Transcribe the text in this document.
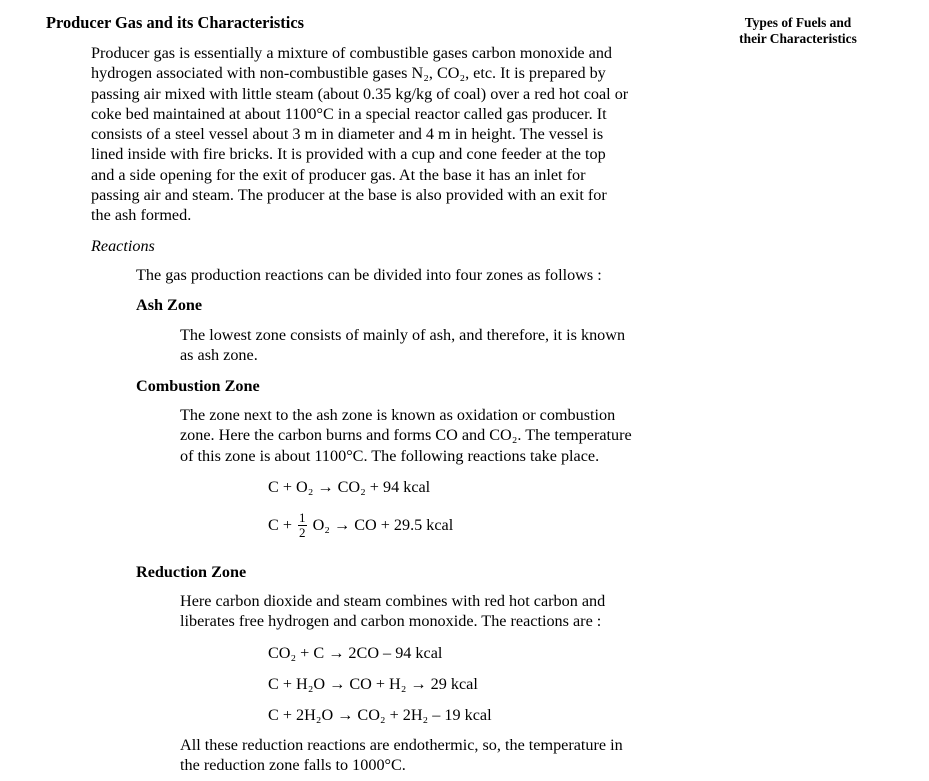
Types of Fuels and
their Characteristics
Producer Gas and its Characteristics
Producer gas is essentially a mixture of combustible gases carbon monoxide and
hydrogen associated with non-combustible gases N₂, CO₂, etc. It is prepared by
passing air mixed with little steam (about 0.35 kg/kg of coal) over a red hot coal or
coke bed maintained at about 1100°C in a special reactor called gas producer. It
consists of a steel vessel about 3 m in diameter and 4 m in height. The vessel is
lined inside with fire bricks. It is provided with a cup and cone feeder at the top
and a side opening for the exit of producer gas. At the base it has an inlet for
passing air and steam. The producer at the base is also provided with an exit for
the ash formed.
Reactions
The gas production reactions can be divided into four zones as follows :
Ash Zone
The lowest zone consists of mainly of ash, and therefore, it is known
as ash zone.
Combustion Zone
The zone next to the ash zone is known as oxidation or combustion
zone. Here the carbon burns and forms CO and CO₂. The temperature
of this zone is about 1100°C. The following reactions take place.
C + O₂ → CO₂ + 94 kcal
$C + \frac{1}{2} O_2$ → CO + 29.5 kcal
Reduction Zone
Here carbon dioxide and steam combines with red hot carbon and
liberates free hydrogen and carbon monoxide. The reactions are :
CO₂ + C → 2CO – 94 kcal
C + H₂O → CO + H₂ → 29 kcal
C + 2H₂O → CO₂ + 2H₂ – 19 kcal
All these reduction reactions are endothermic, so, the temperature in
the reduction zone falls to 1000°C.
